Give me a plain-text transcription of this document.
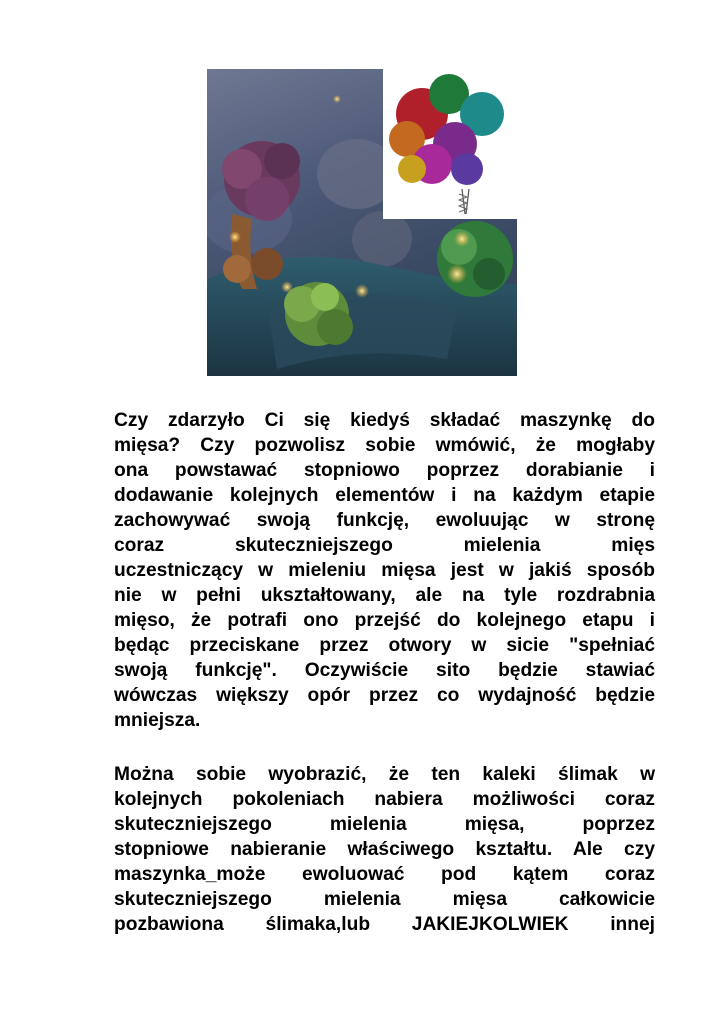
Czy zdarzyło Ci się kiedyś składać maszynkę do
mięsa? Czy pozwolisz sobie wmówić, że mogłaby
ona powstawać stopniowo poprzez dorabianie i
dodawanie kolejnych elementów i na każdym etapie
zachowywać swoją funkcję, ewoluując w stronę
coraz skuteczniejszego mielenia mięs
uczestniczący w mieleniu mięsa jest w jakiś sposób
nie w pełni ukształtowany, ale na tyle rozdrabnia
mięso, że potrafi ono przejść do kolejnego etapu i
będąc przeciskane przez otwory w sicie "spełniać
swoją funkcję". Oczywiście sito będzie stawiać
wówczas większy opór przez co wydajność będzie
mniejsza.
Można sobie wyobrazić, że ten kaleki ślimak w
kolejnych pokoleniach nabiera możliwości coraz
skuteczniejszego mielenia mięsa, poprzez
stopniowe nabieranie właściwego kształtu. Ale czy
maszynka_może ewoluować pod kątem coraz
skuteczniejszego mielenia mięsa całkowicie
pozbawiona ślimaka,lub JAKIEJKOLWIEK innej
